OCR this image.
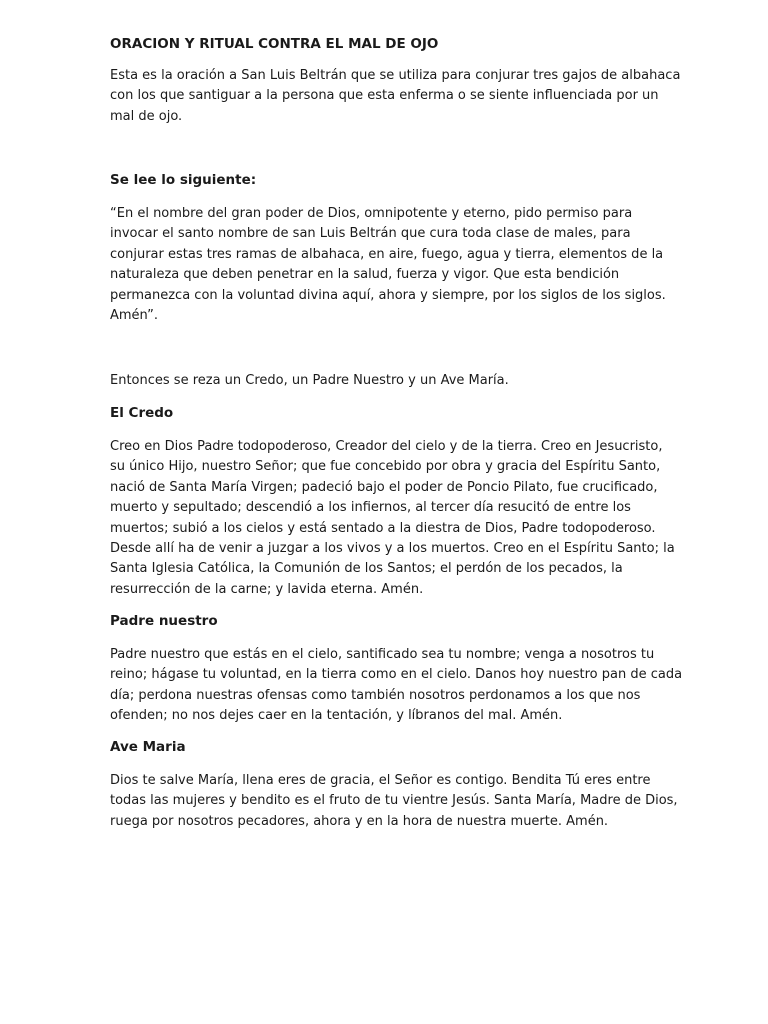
ORACION Y RITUAL CONTRA EL MAL DE OJO

Esta es la oración a San Luis Beltrán que se utiliza para conjurar tres gajos de albahaca
con los que santiguar a la persona que esta enferma o se siente influenciada por un
mal de ojo.

Se lee lo siguiente:

“En el nombre del gran poder de Dios, omnipotente y eterno, pido permiso para
invocar el santo nombre de san Luis Beltrán que cura toda clase de males, para
conjurar estas tres ramas de albahaca, en aire, fuego, agua y tierra, elementos de la
naturaleza que deben penetrar en la salud, fuerza y vigor. Que esta bendición
permanezca con la voluntad divina aquí, ahora y siempre, por los siglos de los siglos.
Amén”.

Entonces se reza un Credo, un Padre Nuestro y un Ave María.

El Credo

Creo en Dios Padre todopoderoso, Creador del cielo y de la tierra. Creo en Jesucristo,
su único Hijo, nuestro Señor; que fue concebido por obra y gracia del Espíritu Santo,
nació de Santa María Virgen; padeció bajo el poder de Poncio Pilato, fue crucificado,
muerto y sepultado; descendió a los infiernos, al tercer día resucitó de entre los
muertos; subió a los cielos y está sentado a la diestra de Dios, Padre todopoderoso.
Desde allí ha de venir a juzgar a los vivos y a los muertos. Creo en el Espíritu Santo; la
Santa Iglesia Católica, la Comunión de los Santos; el perdón de los pecados, la
resurrección de la carne; y lavida eterna. Amén.

Padre nuestro

Padre nuestro que estás en el cielo, santificado sea tu nombre; venga a nosotros tu
reino; hágase tu voluntad, en la tierra como en el cielo. Danos hoy nuestro pan de cada
día; perdona nuestras ofensas como también nosotros perdonamos a los que nos
ofenden; no nos dejes caer en la tentación, y líbranos del mal. Amén.

Ave Maria

Dios te salve María, llena eres de gracia, el Señor es contigo. Bendita Tú eres entre
todas las mujeres y bendito es el fruto de tu vientre Jesús. Santa María, Madre de Dios,
ruega por nosotros pecadores, ahora y en la hora de nuestra muerte. Amén.
